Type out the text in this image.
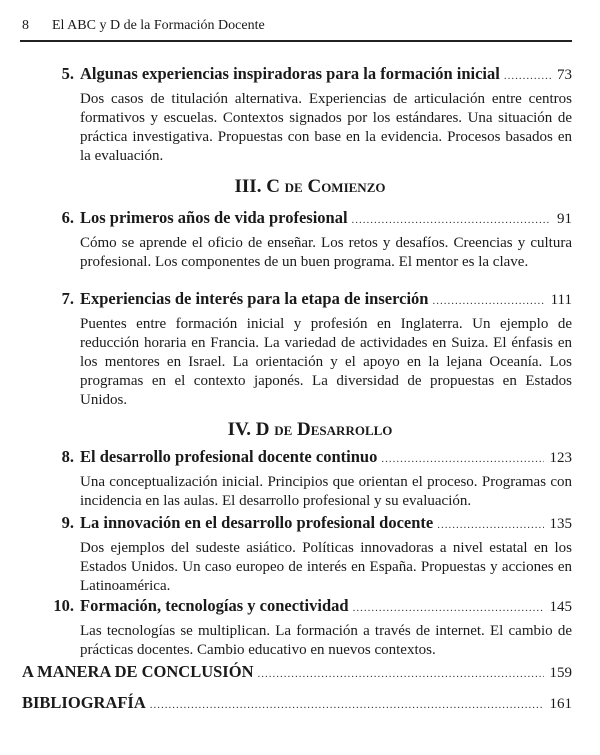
8 El ABC y D de la Formación Docente
5. Algunas experiencias inspiradoras para la formación inicial .....	73
Dos casos de titulación alternativa. Experiencias de articulación entre centros formativos y escuelas. Contextos signados por los estándares. Una situación de práctica investigativa. Propuestas con base en la evidencia. Procesos basados en la evaluación.
III. C de Comienzo
6. Los primeros años de vida profesional .....	91
Cómo se aprende el oficio de enseñar. Los retos y desafíos. Creencias y cultura profesional. Los componentes de un buen programa. El mentor es la clave.
7. Experiencias de interés para la etapa de inserción .....	111
Puentes entre formación inicial y profesión en Inglaterra. Un ejemplo de reducción horaria en Francia. La variedad de actividades en Suiza. El énfasis en los mentores en Israel. La orientación y el apoyo en la lejana Oceanía. Los programas en el contexto japonés. La diversidad de propuestas en Estados Unidos.
IV. D de Desarrollo
8. El desarrollo profesional docente continuo .....	123
Una conceptualización inicial. Principios que orientan el proceso. Programas con incidencia en las aulas. El desarrollo profesional y su evaluación.
9. La innovación en el desarrollo profesional docente .....	135
Dos ejemplos del sudeste asiático. Políticas innovadoras a nivel estatal en los Estados Unidos. Un caso europeo de interés en España. Propuestas y acciones en Latinoamérica.
10. Formación, tecnologías y conectividad .....	145
Las tecnologías se multiplican. La formación a través de internet. El cambio de prácticas docentes. Cambio educativo en nuevos contextos.
A MANERA DE CONCLUSIÓN .....	159
BIBLIOGRAFÍA .....	161
